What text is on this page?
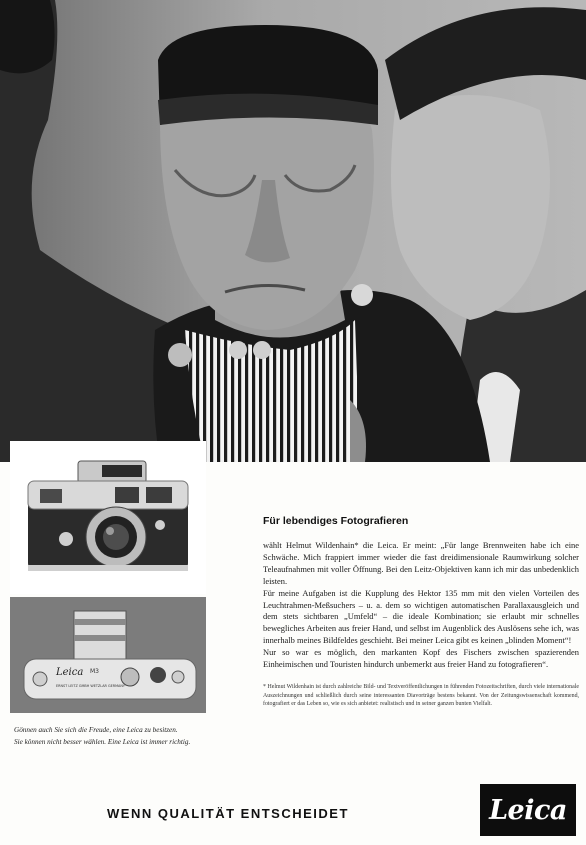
Leica M3
ERNST LEITZ GMBH WETZLAR GERMANY
Gönnen auch Sie sich die Freude, eine Leica zu besitzen.
Sie können nicht besser wählen. Eine Leica ist immer richtig.
Für lebendiges Fotografieren

wählt Helmut Wildenhain* die Leica. Er meint: „Für lange Brennweiten habe ich eine Schwäche. Mich frappiert immer wieder die fast dreidimensionale Raumwirkung solcher Teleaufnahmen mit voller Öffnung. Bei den Leitz-Objektiven kann ich mir das unbedenklich leisten.

Für meine Aufgaben ist die Kupplung des Hektor 135 mm mit den vielen Vorteilen des Leuchtrahmen-Meßsuchers – u. a. dem so wichtigen automatischen Parallaxausgleich und dem stets sichtbaren „Umfeld“ – die ideale Kombination; sie erlaubt mir schnelles bewegliches Arbeiten aus freier Hand, und selbst im Augenblick des Auslösens sehe ich, was innerhalb meines Bildfeldes geschieht. Bei meiner Leica gibt es keinen „blinden Moment“!

Nur so war es möglich, den markanten Kopf des Fischers zwischen spazierenden Einheimischen und Touristen hindurch unbemerkt aus freier Hand zu fotografieren“.

* Helmut Wildenhain ist durch zahlreiche Bild- und Textveröffentlichungen in führenden Fotozeitschriften, durch viele internationale Auszeichnungen und schließlich durch seine interessanten Diavorträge bestens bekannt. Von der Zeitungswissenschaft kommend, fotografiert er das Leben so, wie es sich anbietet: realistisch und in seiner ganzen bunten Vielfalt.
WENN QUALITÄT ENTSCHEIDET	Leica
